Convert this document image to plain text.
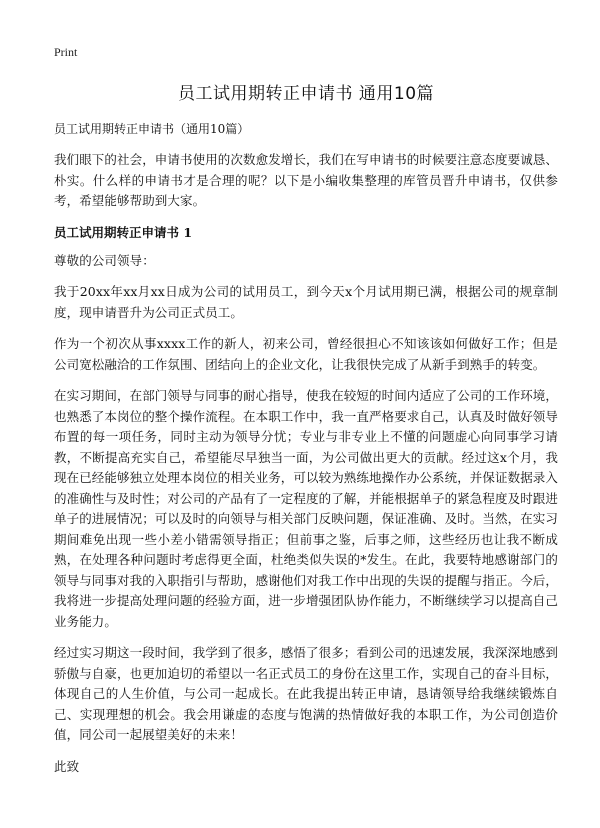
Print
员工试用期转正申请书 通用10篇
员工试用期转正申请书（通用10篇）

我们眼下的社会，申请书使用的次数愈发增长，我们在写申请书的时候要注意态度要诚恳、朴实。什么样的申请书才是合理的呢？以下是小编收集整理的库管员晋升申请书，仅供参考，希望能够帮助到大家。

员工试用期转正申请书 1

尊敬的公司领导：

我于20xx年xx月xx日成为公司的试用员工，到今天x个月试用期已满，根据公司的规章制度，现申请晋升为公司正式员工。

作为一个初次从事xxxx工作的新人，初来公司，曾经很担心不知该该如何做好工作；但是公司宽松融洽的工作氛围、团结向上的企业文化，让我很快完成了从新手到熟手的转变。

在实习期间，在部门领导与同事的耐心指导，使我在较短的时间内适应了公司的工作环境，也熟悉了本岗位的整个操作流程。在本职工作中，我一直严格要求自己，认真及时做好领导布置的每一项任务，同时主动为领导分忧；专业与非专业上不懂的问题虚心向同事学习请教，不断提高充实自己，希望能尽早独当一面，为公司做出更大的贡献。经过这x个月，我现在已经能够独立处理本岗位的相关业务，可以较为熟练地操作办公系统，并保证数据录入的准确性与及时性；对公司的产品有了一定程度的了解，并能根据单子的紧急程度及时跟进单子的进展情况；可以及时的向领导与相关部门反映问题，保证准确、及时。当然，在实习期间难免出现一些小差小错需领导指正；但前事之鉴，后事之师，这些经历也让我不断成熟，在处理各种问题时考虑得更全面，杜绝类似失误的*发生。在此，我要特地感谢部门的领导与同事对我的入职指引与帮助，感谢他们对我工作中出现的失误的提醒与指正。今后，我将进一步提高处理问题的经验方面，进一步增强团队协作能力，不断继续学习以提高自己业务能力。

经过实习期这一段时间，我学到了很多，感悟了很多；看到公司的迅速发展，我深深地感到骄傲与自豪，也更加迫切的希望以一名正式员工的身份在这里工作，实现自己的奋斗目标，体现自己的人生价值，与公司一起成长。在此我提出转正申请，恳请领导给我继续锻炼自己、实现理想的机会。我会用谦虚的态度与饱满的热情做好我的本职工作，为公司创造价值，同公司一起展望美好的未来！

此致
